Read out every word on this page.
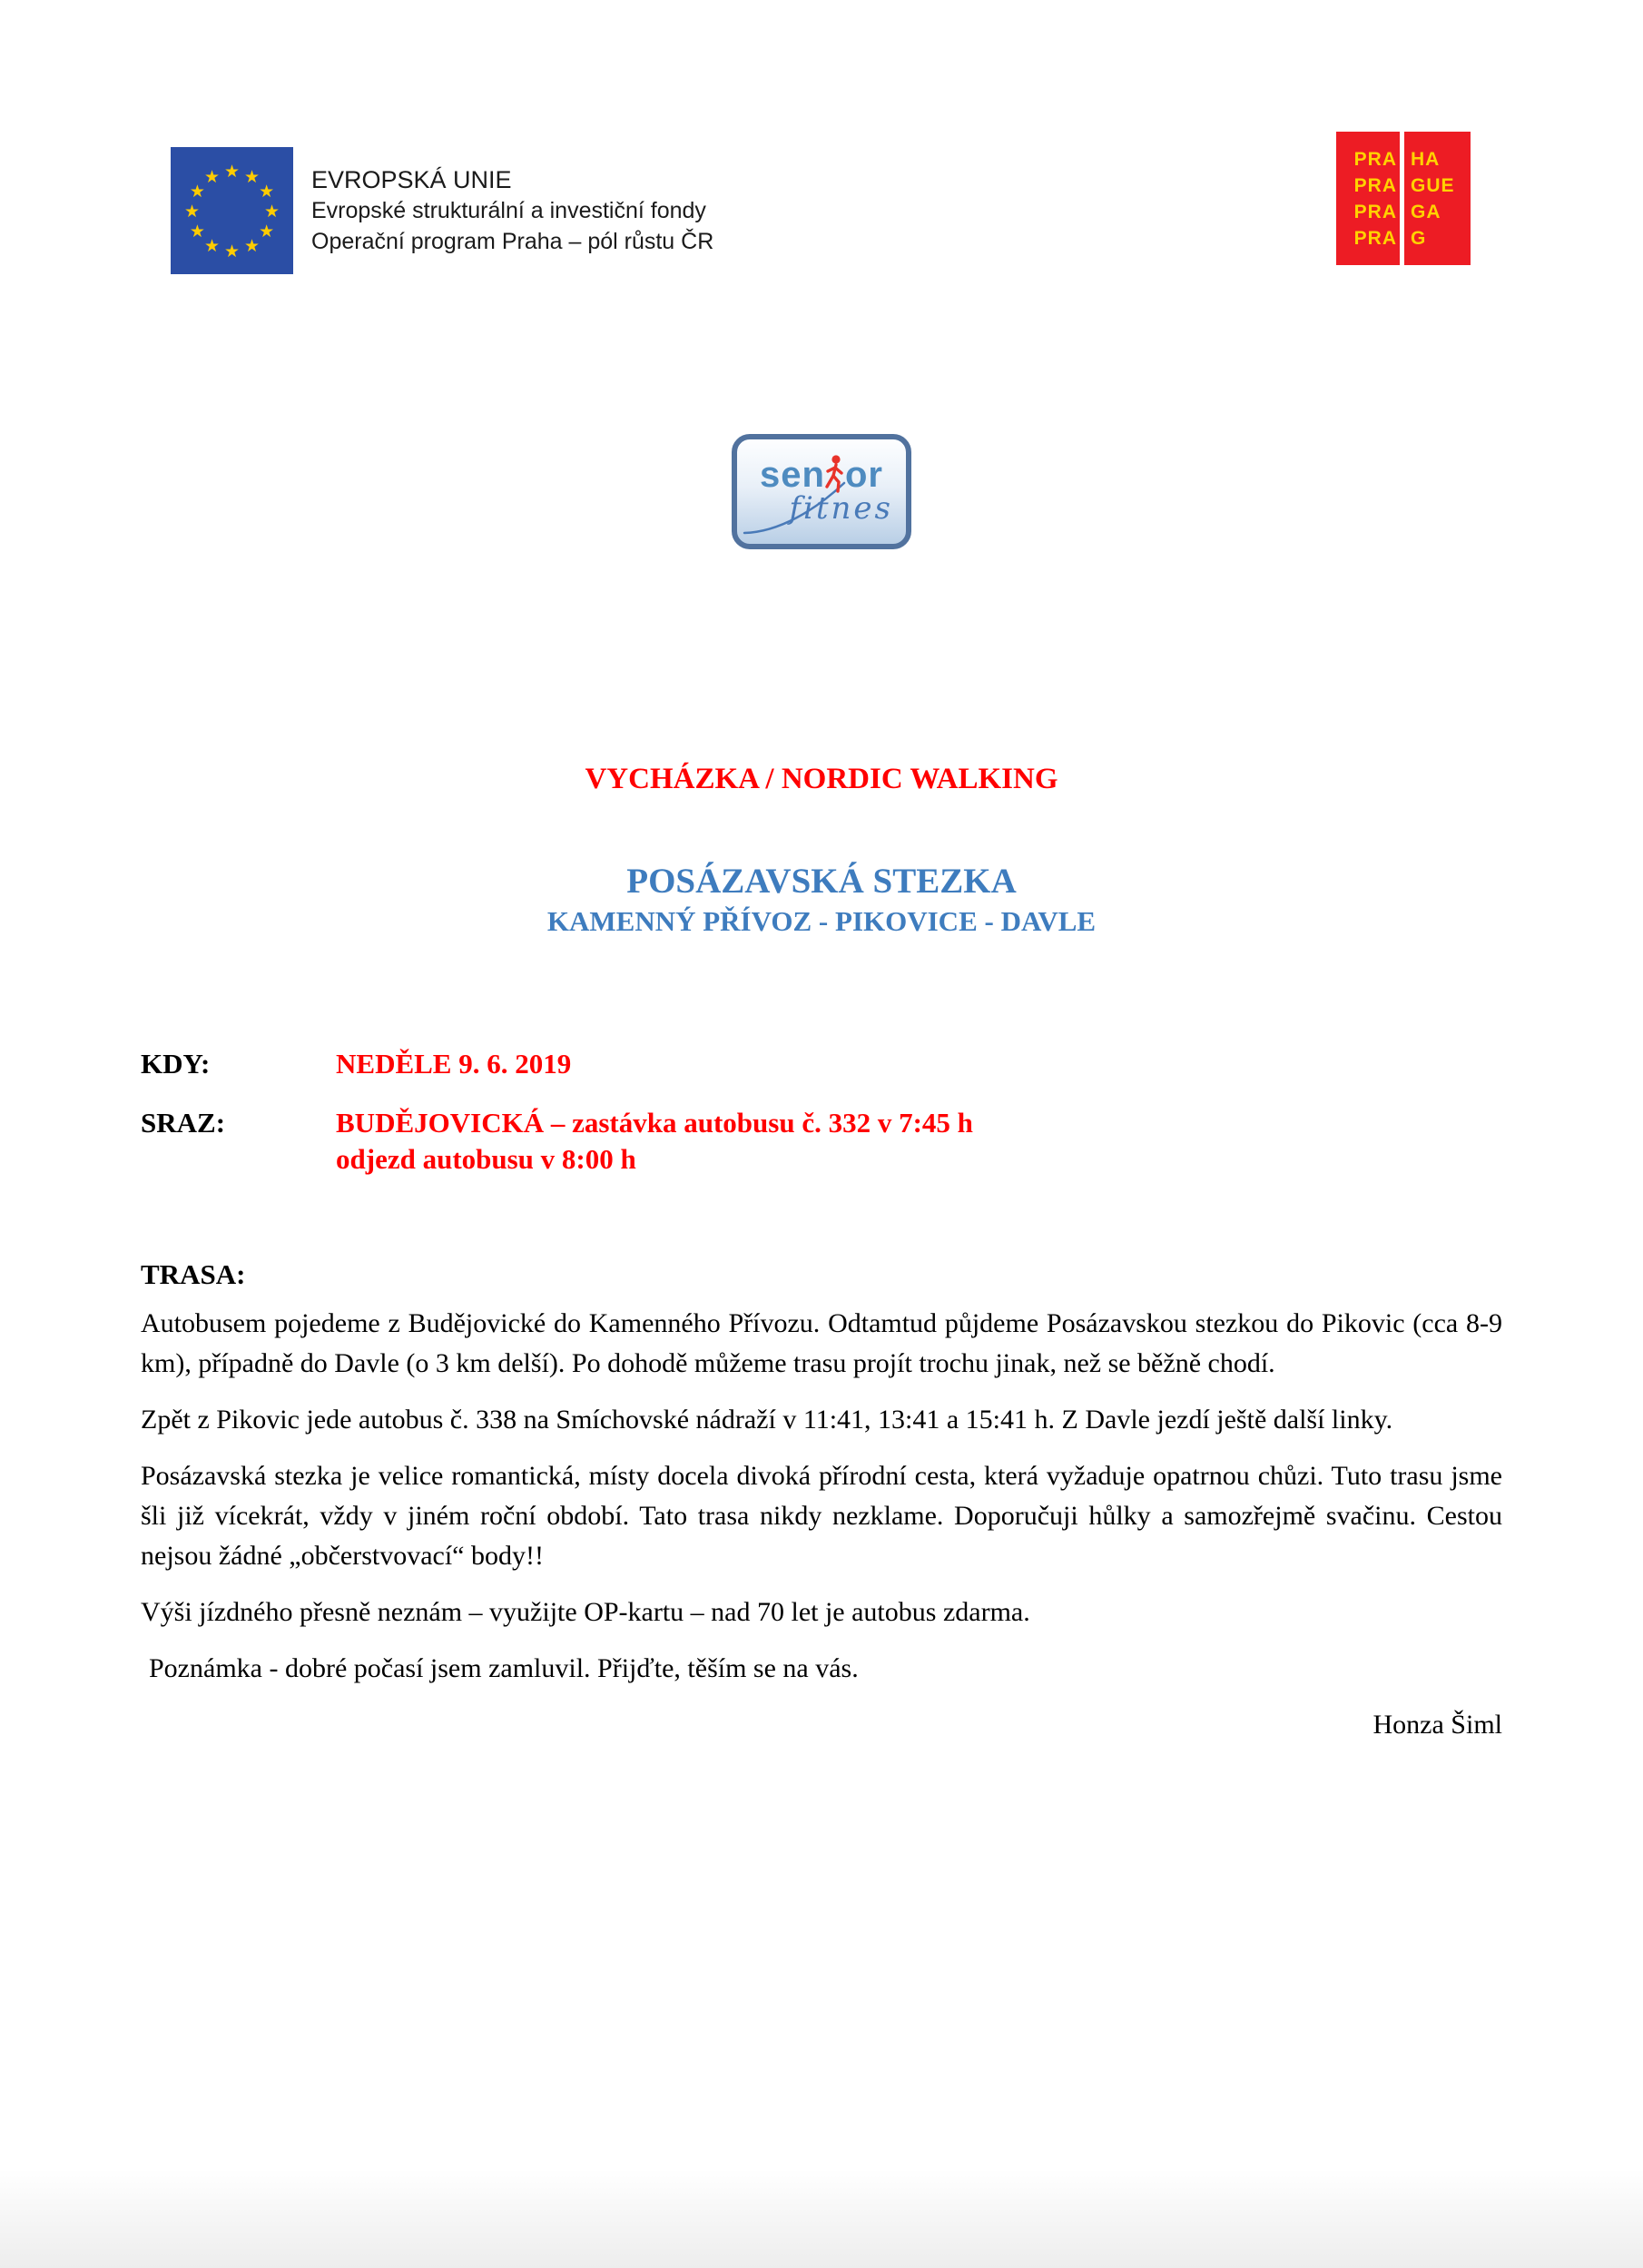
★ ★
★
★
★
★
★
★
★
★
★
★	EVROPSKÁ UNIE
Evropské strukturální a investiční fondy
Operační program Praha – pól růstu ČR
PRA
PRA
PRA
PRA
HA
GUE
GA
G
sen or
fitnes
VYCHÁZKA / NORDIC WALKING
POSÁZAVSKÁ STEZKA
KAMENNÝ PŘÍVOZ - PIKOVICE - DAVLE
KDY:	NEDĚLE 9. 6. 2019
SRAZ:	BUDĚJOVICKÁ – zastávka autobusu č. 332 v 7:45 h
odjezd autobusu v 8:00 h
TRASA:

Autobusem pojedeme z Budějovické do Kamenného Přívozu. Odtamtud půjdeme Posázavskou stezkou do Pikovic (cca 8-9 km), případně do Davle (o 3 km delší). Po dohodě můžeme trasu projít trochu jinak, než se běžně chodí.

Zpět z Pikovic jede autobus č. 338 na Smíchovské nádraží v 11:41, 13:41 a 15:41 h. Z Davle jezdí ještě další linky.

Posázavská stezka je velice romantická, místy docela divoká přírodní cesta, která vyžaduje opatrnou chůzi. Tuto trasu jsme šli již vícekrát, vždy v jiném roční období. Tato trasa nikdy nezklame. Doporučuji hůlky a samozřejmě svačinu. Cestou nejsou žádné „občerstvovací“ body!!

Výši jízdného přesně neznám – využijte OP-kartu – nad 70 let je autobus zdarma.

Poznámka - dobré počasí jsem zamluvil. Přijďte, těším se na vás.

Honza Šiml
